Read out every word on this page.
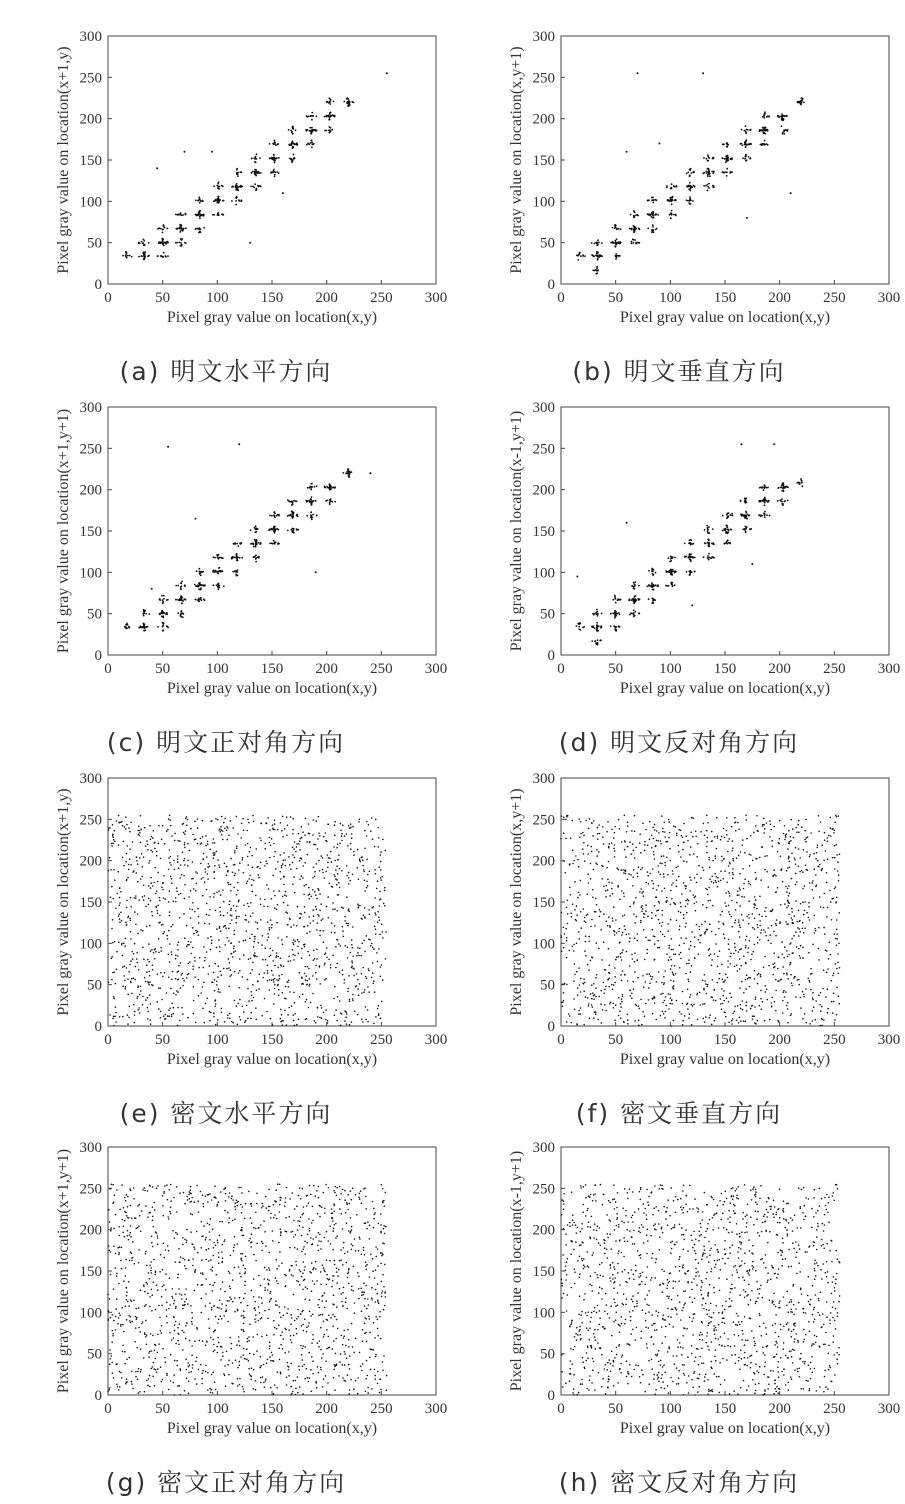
0	50 100 150 200 250 300
0
50
100
150
200
250
300
Pixel gray value on location(x,y)
Pixel gray value on location(x+1,y)
(a) 明文水平方向
0	50 100 150 200 250 300
0
50
100
150
200
250
300
Pixel gray value on location(x,y)
Pixel gray value on location(x,y+1)
(b) 明文垂直方向
0	50 100 150 200 250 300
0
50
100
150
200
250
300
Pixel gray value on location(x,y)
Pixel gray value on location(x+1,y+1)
(c) 明文正对角方向
0	50 100 150 200 250 300
0
50
100
150
200
250
300
Pixel gray value on location(x,y)
Pixel gray value on location(x-1,y+1)
(d) 明文反对角方向
0	50 100 150 200 250 300
0
50
100
150
200
250
300
Pixel gray value on location(x,y)
Pixel gray value on location(x+1,y)
(e) 密文水平方向
0	50 100 150 200 250 300
0
50
100
150
200
250
300
Pixel gray value on location(x,y)
Pixel gray value on location(x,y+1)
(f) 密文垂直方向
0	50 100 150 200 250 300
0
50
100
150
200
250
300
Pixel gray value on location(x,y)
Pixel gray value on location(x+1,y+1)
(g) 密文正对角方向
0	50 100 150 200 250 300
0
50
100
150
200
250
300
Pixel gray value on location(x,y)
Pixel gray value on location(x-1,y+1)
(h) 密文反对角方向
